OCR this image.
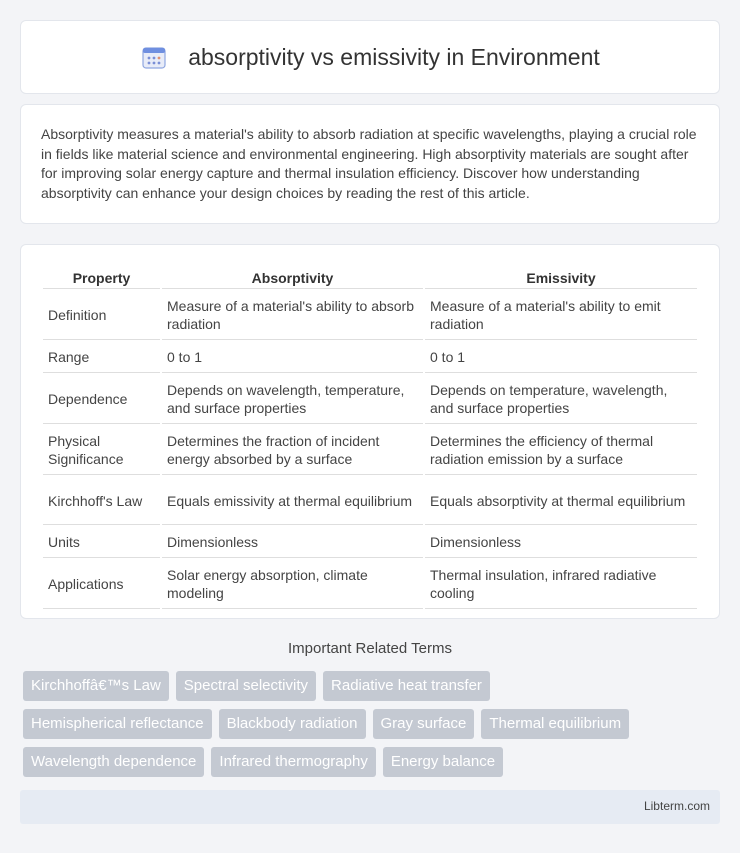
absorptivity vs emissivity in Environment

Absorptivity measures a material's ability to absorb radiation at specific wavelengths, playing a crucial role in fields like material science and environmental engineering. High absorptivity materials are sought after for improving solar energy capture and thermal insulation efficiency. Discover how understanding absorptivity can enhance your design choices by reading the rest of this article.

Property	Absorptivity	Emissivity
Definition	Measure of a material's ability to absorb radiation	Measure of a material's ability to emit radiation
Range	0 to 1	0 to 1
Dependence	Depends on wavelength, temperature, and surface properties	Depends on temperature, wavelength, and surface properties
Physical Significance	Determines the fraction of incident energy absorbed by a surface	Determines the efficiency of thermal radiation emission by a surface
Kirchhoff's Law	Equals emissivity at thermal equilibrium	Equals absorptivity at thermal equilibrium
Units	Dimensionless	Dimensionless
Applications	Solar energy absorption, climate modeling	Thermal insulation, infrared radiative cooling
Important Related Terms
Kirchhoffâ€™s Law	Spectral selectivity	Radiative heat transfer
Hemispherical reflectance	Blackbody radiation	Gray surface	Thermal equilibrium
Wavelength dependence	Infrared thermography	Energy balance
Libterm.com
